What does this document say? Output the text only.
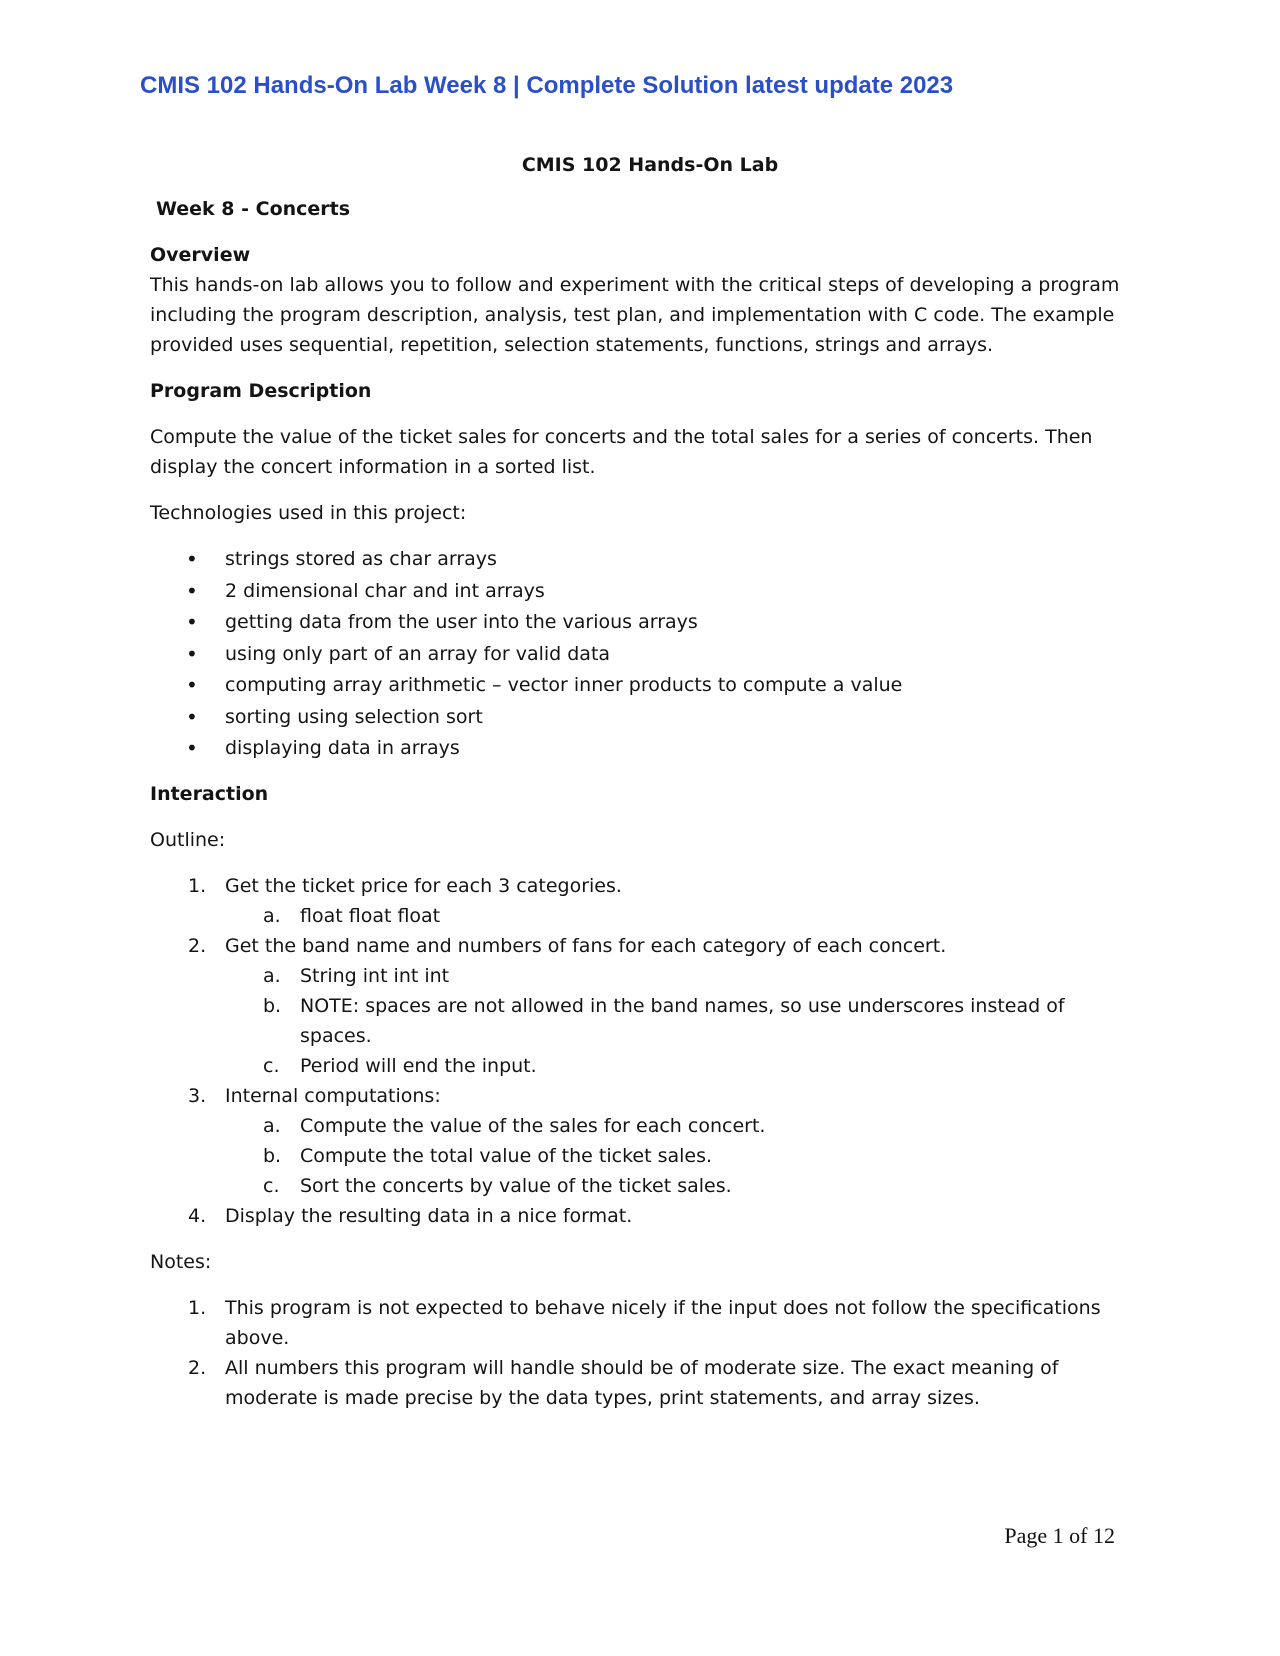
CMIS 102 Hands-On Lab Week 8 | Complete Solution latest update 2023
CMIS 102 Hands-On Lab
Week 8 - Concerts
Overview

This hands-on lab allows you to follow and experiment with the critical steps of developing a program including the program description, analysis, test plan, and implementation with C code. The example provided uses sequential, repetition, selection statements, functions, strings and arrays.

Program Description

Compute the value of the ticket sales for concerts and the total sales for a series of concerts. Then display the concert information in a sorted list.

Technologies used in this project:

• strings stored as char arrays
• 2 dimensional char and int arrays
• getting data from the user into the various arrays
• using only part of an array for valid data
• computing array arithmetic – vector inner products to compute a value
• sorting using selection sort
• displaying data in arrays
Interaction

Outline:

1. Get the ticket price for each 3 categories.
a. float float float
2. Get the band name and numbers of fans for each category of each concert.
a. String int int int
b. NOTE: spaces are not allowed in the band names, so use underscores instead of spaces.
c. Period will end the input.
3. Internal computations:
a. Compute the value of the sales for each concert.
b. Compute the total value of the ticket sales.
c. Sort the concerts by value of the ticket sales.
4. Display the resulting data in a nice format.

Notes:

1. This program is not expected to behave nicely if the input does not follow the specifications above.
2. All numbers this program will handle should be of moderate size. The exact meaning of moderate is made precise by the data types, print statements, and array sizes.
Page 1 of 12
